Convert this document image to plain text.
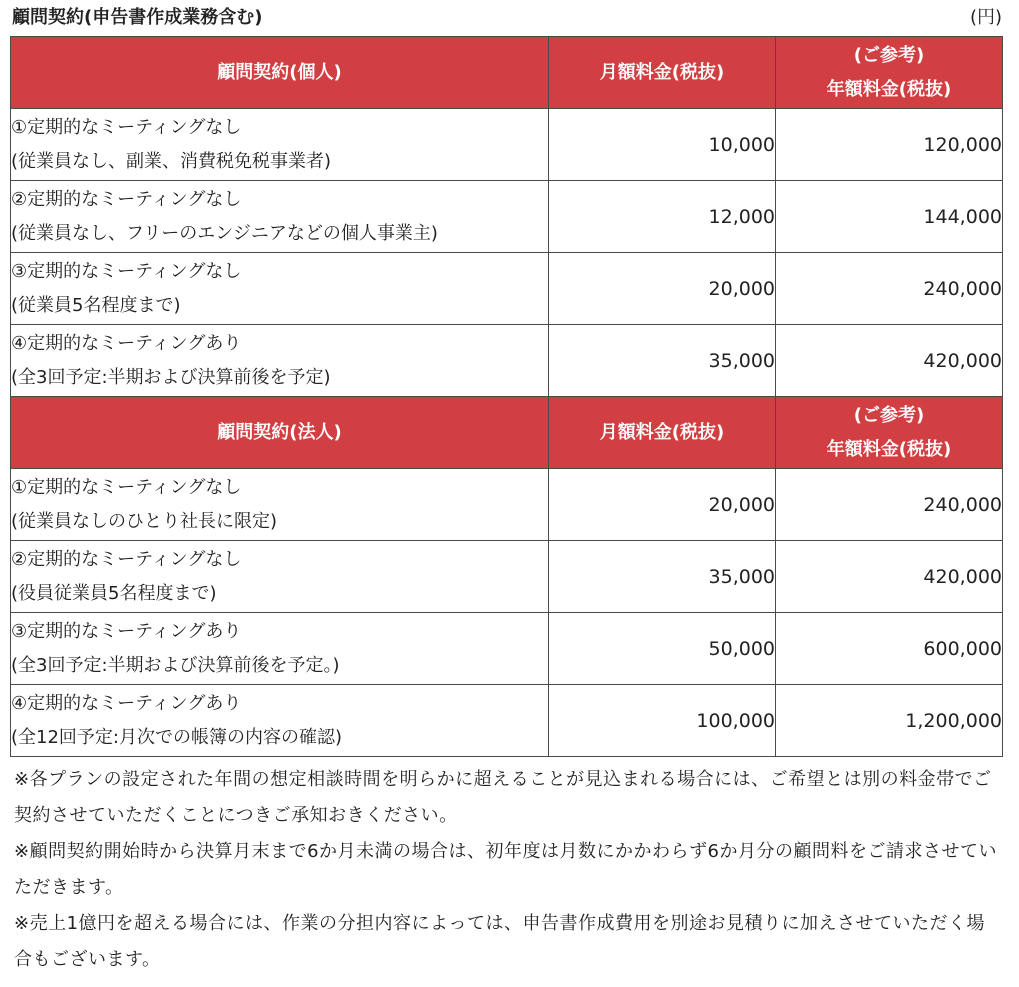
顧問契約(申告書作成業務含む)	(円)
顧問契約(個人)	月額料金(税抜)	(ご参考)
年額料金(税抜)

①定期的なミーティングなし
(従業員なし、副業、消費税免税事業者)	10,000	120,000

②定期的なミーティングなし
(従業員なし、フリーのエンジニアなどの個人事業主)	12,000	144,000

③定期的なミーティングなし
(従業員5名程度まで)	20,000	240,000

④定期的なミーティングあり
(全3回予定:半期および決算前後を予定)	35,000	420,000
顧問契約(法人)	月額料金(税抜)	(ご参考)
年額料金(税抜)

①定期的なミーティングなし
(従業員なしのひとり社長に限定)	20,000	240,000

②定期的なミーティングなし
(役員従業員5名程度まで)	35,000	420,000

③定期的なミーティングあり
(全3回予定:半期および決算前後を予定。)	50,000	600,000

④定期的なミーティングあり
(全12回予定:月次での帳簿の内容の確認)	100,000	1,200,000

※各プランの設定された年間の想定相談時間を明らかに超えることが見込まれる場合には、ご希望とは別の料金帯でご契約させていただくことにつきご承知おきください。

※顧問契約開始時から決算月末まで6か月未満の場合は、初年度は月数にかかわらず6か月分の顧問料をご請求させていただきます。

※売上1億円を超える場合には、作業の分担内容によっては、申告書作成費用を別途お見積りに加えさせていただく場合もございます。
